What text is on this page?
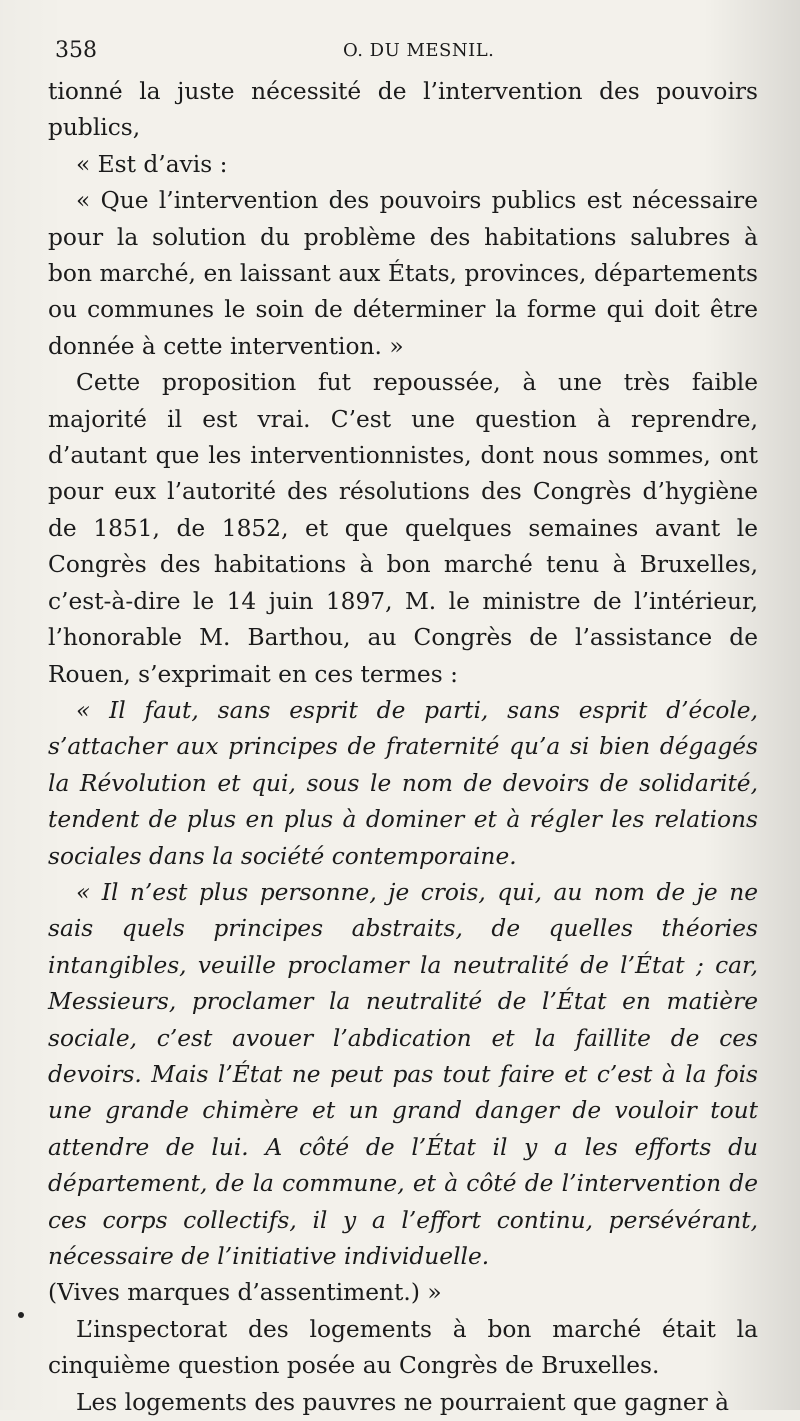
358	O. DU MESNIL.

tionné la juste nécessité de l’intervention des pouvoirs publics,

« Est d’avis :

« Que l’intervention des pouvoirs publics est nécessaire pour la solution du problème des habitations salubres à bon marché, en laissant aux États, provinces, départements ou communes le soin de déterminer la forme qui doit être donnée à cette intervention. »

Cette proposition fut repoussée, à une très faible majorité il est vrai. C’est une question à reprendre, d’autant que les interventionnistes, dont nous sommes, ont pour eux l’autorité des résolutions des Congrès d’hygiène de 1851, de 1852, et que quelques semaines avant le Congrès des habitations à bon marché tenu à Bruxelles, c’est-à-dire le 14 juin 1897, M. le ministre de l’intérieur, l’honorable M. Barthou, au Congrès de l’assistance de Rouen, s’exprimait en ces termes :

« Il faut, sans esprit de parti, sans esprit d’école, s’attacher aux principes de fraternité qu’a si bien dégagés la Révolution et qui, sous le nom de devoirs de solidarité, tendent de plus en plus à dominer et à régler les relations sociales dans la société contemporaine.

« Il n’est plus personne, je crois, qui, au nom de je ne sais quels principes abstraits, de quelles théories intangibles, veuille proclamer la neutralité de l’État ; car, Messieurs, proclamer la neutralité de l’État en matière sociale, c’est avouer l’abdication et la faillite de ces devoirs. Mais l’État ne peut pas tout faire et c’est à la fois une grande chimère et un grand danger de vouloir tout attendre de lui. A côté de l’État il y a les efforts du département, de la commune, et à côté de l’intervention de ces corps collectifs, il y a l’effort continu, persévérant, nécessaire de l’initiative individuelle.

(Vives marques d’assentiment.) »

L’inspectorat des logements à bon marché était la cinquième question posée au Congrès de Bruxelles.

Les logements des pauvres ne pourraient que gagner à
